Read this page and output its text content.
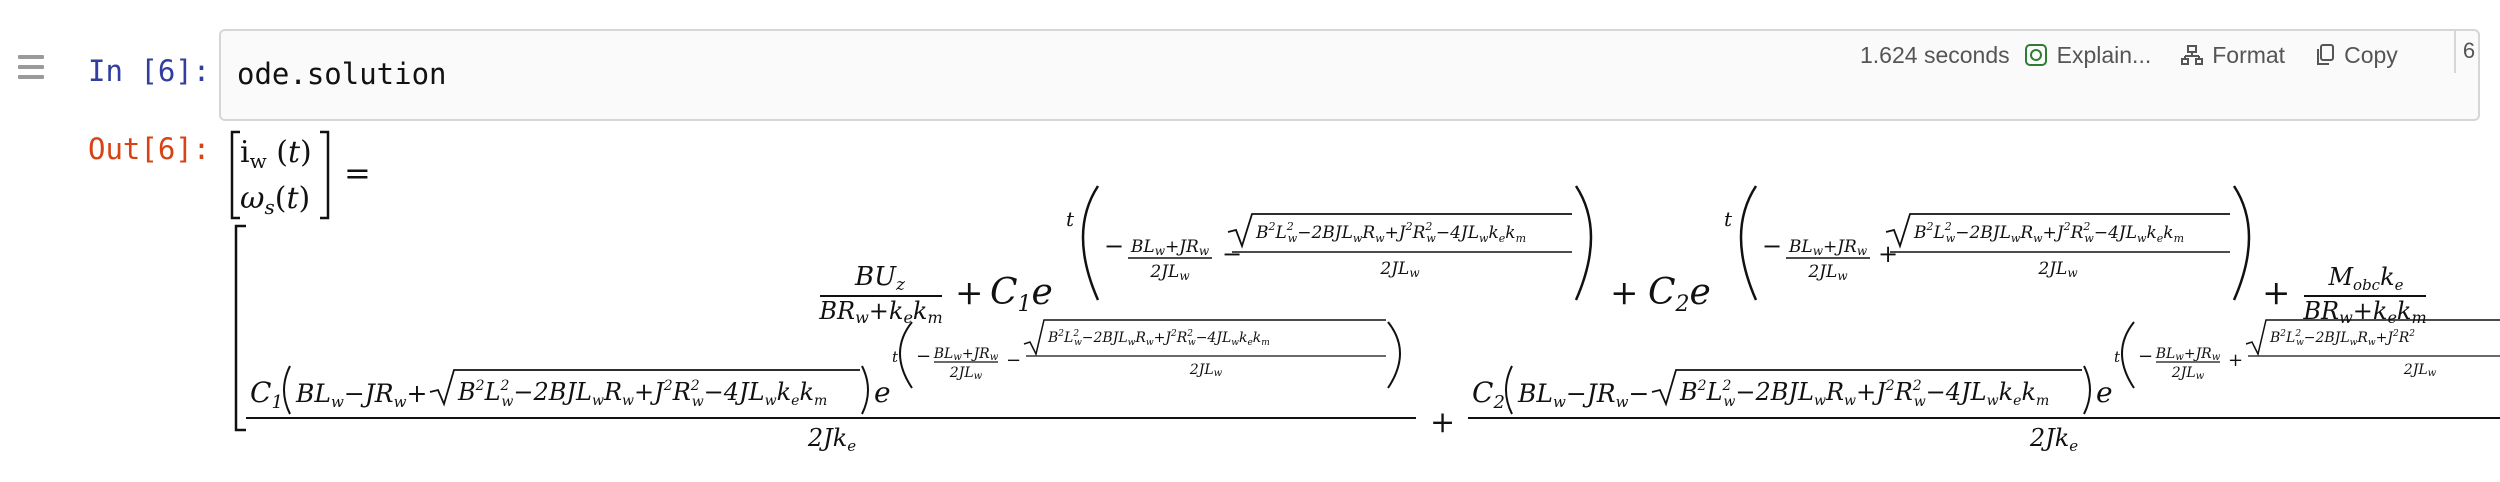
In [6]: ode.solution
1.624 seconds Explain...	Format	Copy	6
Out[6]: $i_w$ (t)
$\omega_s(t)$
=
BUz
BRw+kekm
+ C1e
t
− BLw+JRw
2JLw
−
$B^2L^2$ $w-2BJL_wR_w+J^2R^2$ $w-4JL_wk_ek_m$
2JLw	+ C2e
t
− BLw+JRw
2JLw
+
$B^2L^2$ $w-2BJL_wR_w+J^2R^2$ $w-4JL_wk_ek_m$
2JLw	+ $M_{obc}k_e$
BRw+kekm
$C_1$ $BL_w-JR_w+ B^2L^2$ $w-2BJL_wR_w+J^2R^2$ $w-4JL_wk_ek_m$ e
t − BLw+JRw
2JLw
−
$B^2L^2$ $w-2BJL_wR_w+J^2R^2$ $w-4JL_wk_ek_m$
2JLw
$2Jk_e$
+
$C_2$ $BL_w-JR_w- B^2L^2$ $w-2BJL_wR_w+J^2R^2$ $w-4JL_wk_ek_m$ e
t − BLw+JRw
2JLw
+
$B^2L^2$ $w-2BJL_wR_w+J^2R^2$
2JLw
$2Jk_e$
